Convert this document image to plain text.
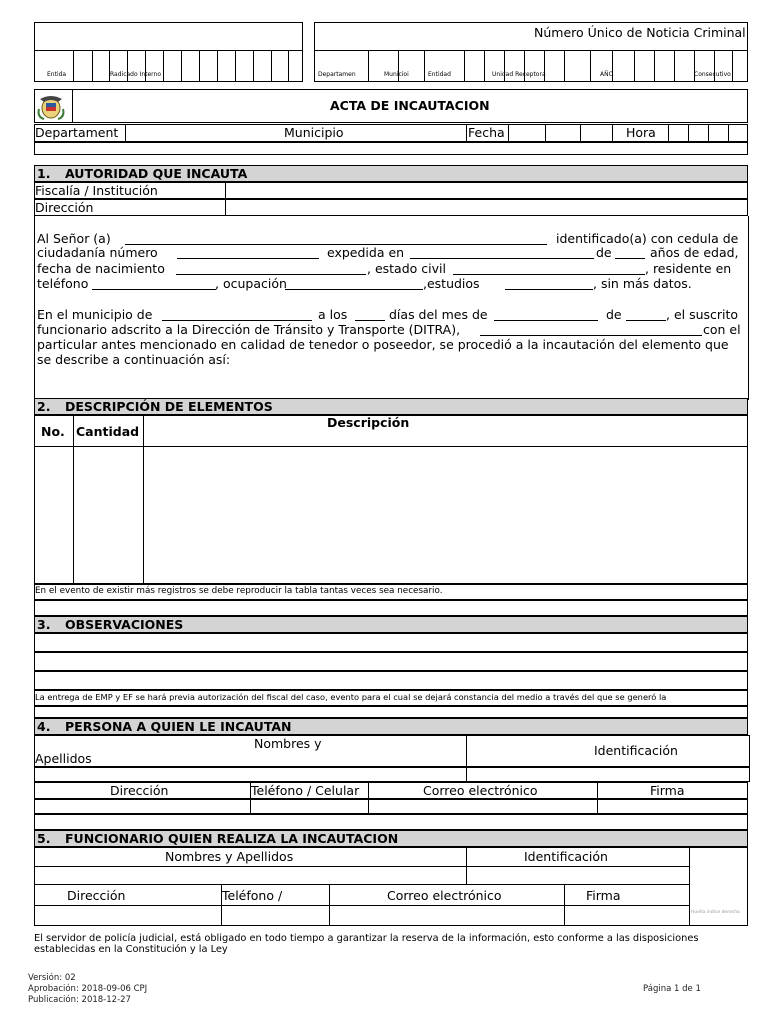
Número Único de Noticia Criminal
Entida	Radicado Interno	Departamen	Municioi	Entidad	Unidad Receptora	AÑO	Consecutivo
ACTA DE INCAUTACION
Departament	Municipio	Fecha	Hora
1. AUTORIDAD QUE INCAUTA
Fiscalía / Institución
Dirección
Al Señor (a)	identificado(a) con cedula de
ciudadanía número	expedida en	de	años de edad,
fecha de nacimiento	, estado civil	, residente en
teléfono	, ocupación	,estudios	, sin más datos.
En el municipio de	a los	días del mes de	de	, el suscrito
funcionario adscrito a la Dirección de Tránsito y Transporte (DITRA),	con el
particular antes mencionado en calidad de tenedor o poseedor, se procedió a la incautación del elemento que
se describe a continuación así:
2. DESCRIPCIÓN DE ELEMENTOS
No. Cantidad
Descripción
En el evento de existir más registros se debe reproducir la tabla tantas veces sea necesario.
3. OBSERVACIONES
La entrega de EMP y EF se hará previa autorización del fiscal del caso, evento para el cual se dejará constancia del medio a través del que se generó la
4. PERSONA A QUIEN LE INCAUTAN
Nombres y
Apellidos
Identificación
Dirección	Teléfono / Celular	Correo electrónico	Firma
5. FUNCIONARIO QUIEN REALIZA LA INCAUTACION
Nombres y Apellidos	Identificación
Dirección	Teléfono /	Correo electrónico	Firma
Huella índice derecho
El servidor de policía judicial, está obligado en todo tiempo a garantizar la reserva de la información, esto conforme a las disposiciones
establecidas en la Constitución y la Ley
Versión: 02
Aprobación: 2018-09-06 CPJ
Publicación: 2018-12-27
Página 1 de 1
